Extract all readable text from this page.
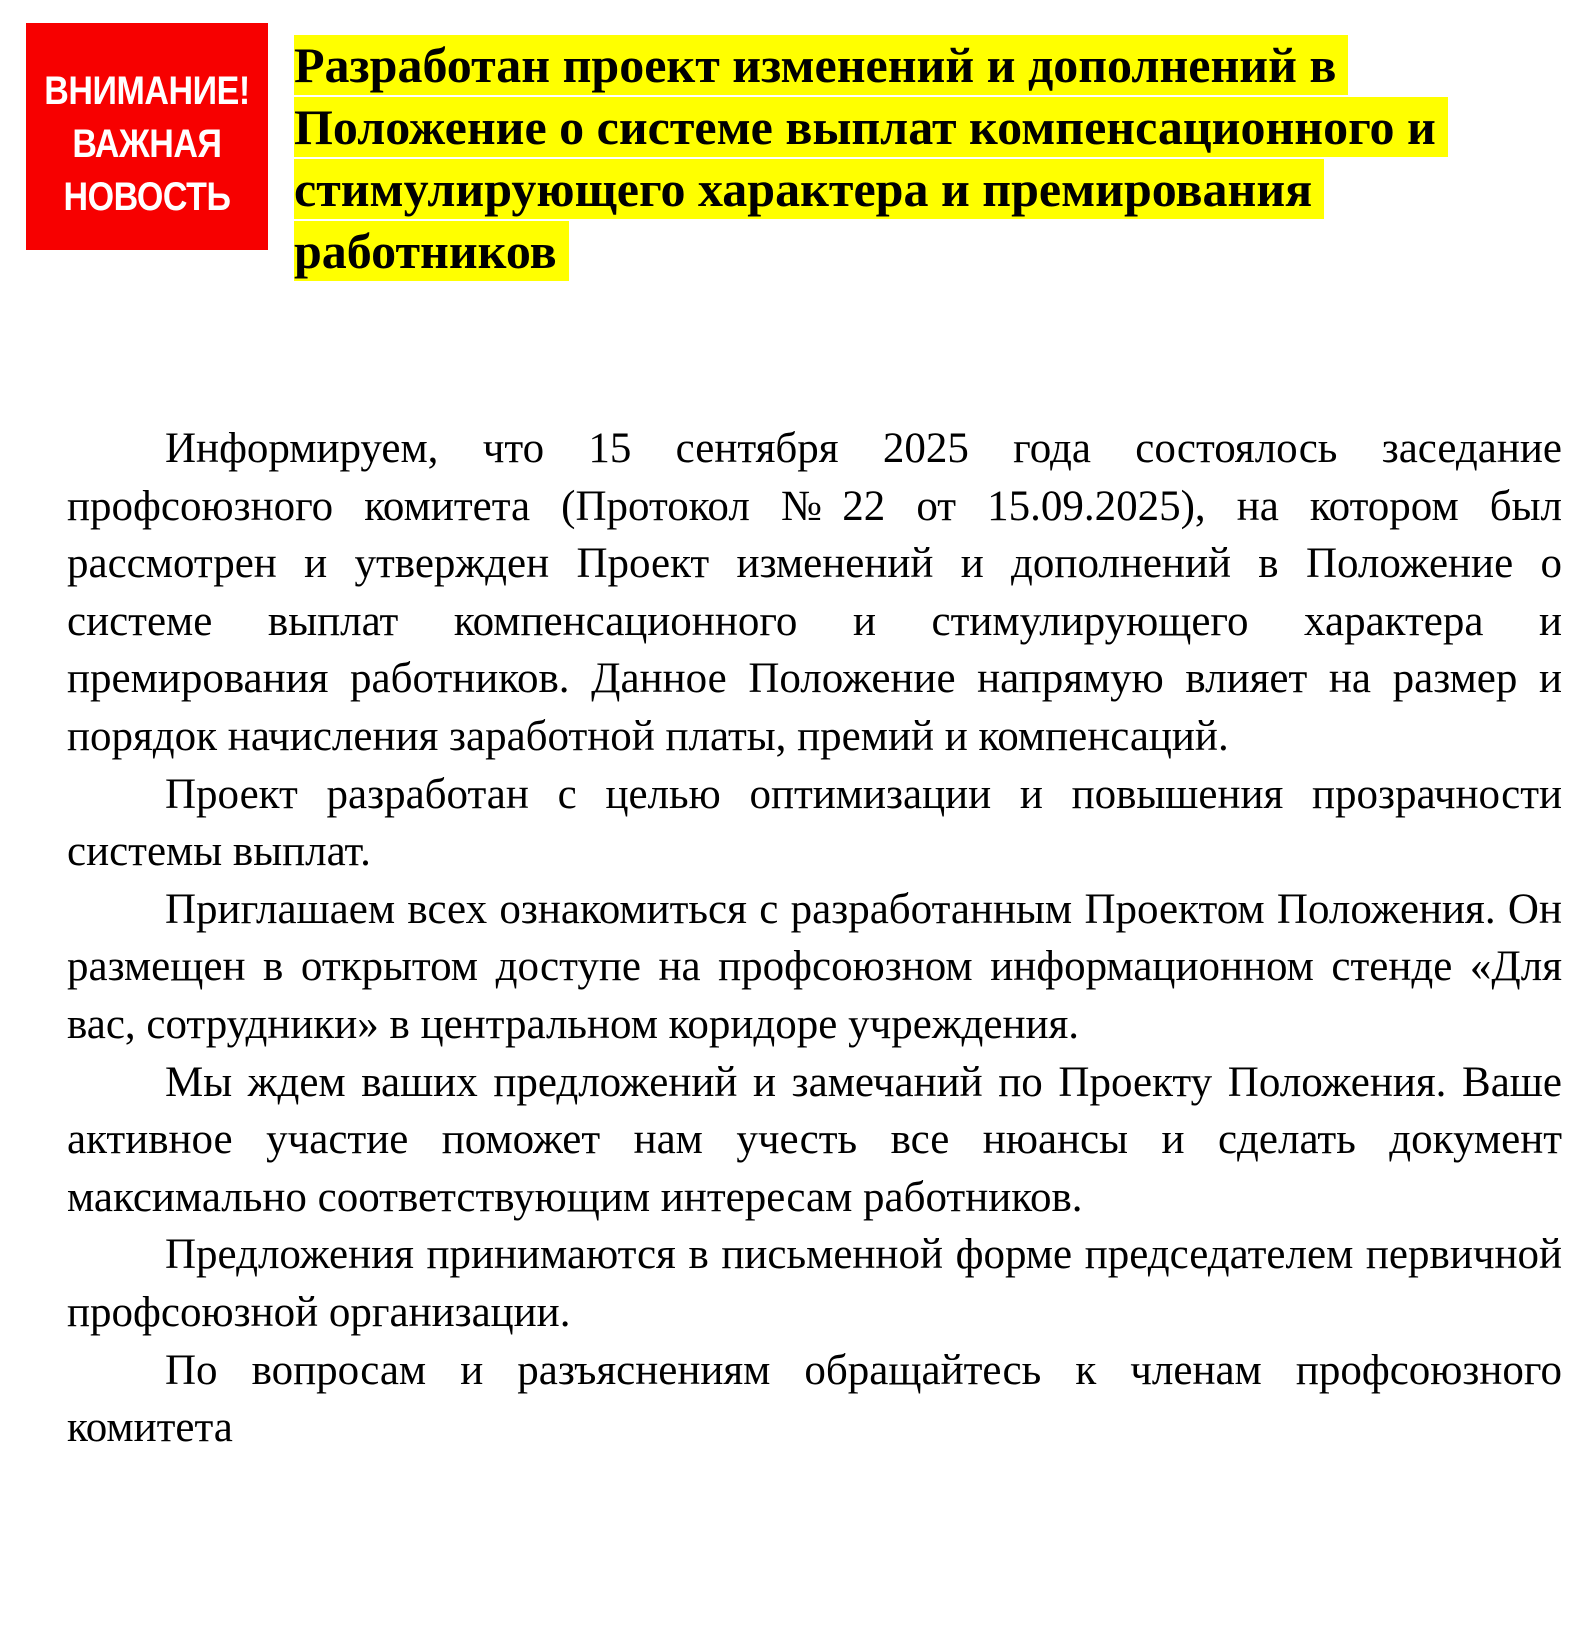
ВНИМАНИЕ!
ВАЖНАЯ
НОВОСТЬ
Разработан проект изменений и дополнений в Положение о системе выплат компенсационного и стимулирующего характера и премирования работников

Информируем, что 15 сентября 2025 года состоялось заседание профсоюзного комитета (Протокол №22 от 15.09.2025), на котором был рассмотрен и утвержден Проект изменений и дополнений в Положение о системе выплат компенсационного и стимулирующего характера и премирования работников. Данное Положение напрямую влияет на размер и порядок начисления заработной платы, премий и компенсаций.

Проект разработан с целью оптимизации и повышения прозрачности системы выплат.

Приглашаем всех ознакомиться с разработанным Проектом Положения. Он размещен в открытом доступе на профсоюзном информационном стенде «Для вас, сотрудники» в центральном коридоре учреждения.

Мы ждем ваших предложений и замечаний по Проекту Положения. Ваше активное участие поможет нам учесть все нюансы и сделать документ максимально соответствующим интересам работников.

Предложения принимаются в письменной форме председателем первичной профсоюзной организации.

По вопросам и разъяснениям обращайтесь к членам профсоюзного комитета
